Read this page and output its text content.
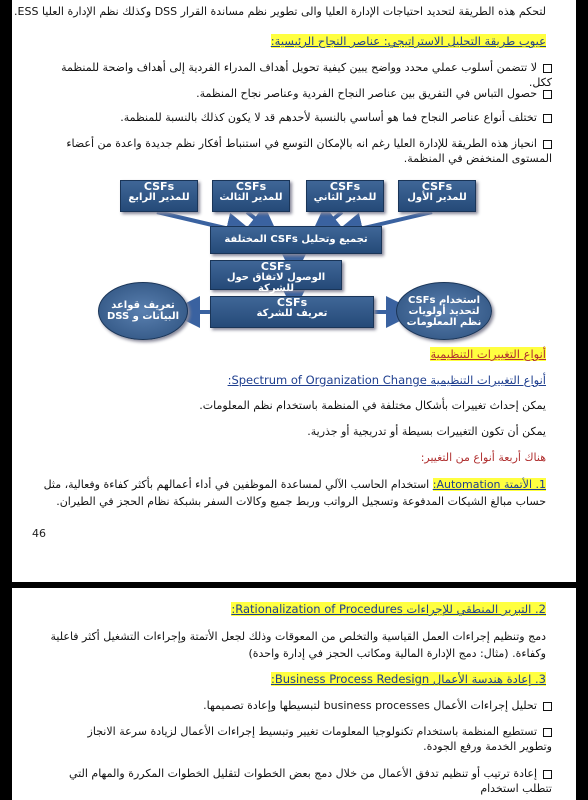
لتحكم هذه الطريقة لتحديد احتياجات الإدارة العليا والى تطوير نظم مساندة القرار DSS وكذلك نظم الإدارة العليا ESS.
عيوب طريقة التحليل الاستراتيجي: عناصر النجاح الرئيسية:
لا تتضمن أسلوب عملي محدد وواضح يبين كيفية تحويل أهداف المدراء الفردية إلى أهداف واضحة للمنظمة ككل.
حصول التباس في التفريق بين عناصر النجاح الفردية وعناصر نجاح المنظمة.
تختلف أنواع عناصر النجاح فما هو أساسي بالنسبة لأحدهم قد لا يكون كذلك بالنسبة للمنظمة.
انحياز هذه الطريقة للإدارة العليا رغم انه بالإمكان التوسع في استنباط أفكار نظم جديدة واعدة من أعضاء المستوى المنخفض في المنظمة.
CSFs
للمدير الرابع
CSFs
للمدير الثالث
CSFs
للمدير الثاني
CSFs
للمدير الأول
تجميع وتحليل CSFs المختلفة
CSFs
الوصول لاتفاق حول للشركة
CSFs
تعريف للشركة
تعريف قواعد البيانات و DSS
استخدام CSFs لتحديد أولويات نظم المعلومات
أنواع التغييرات التنظيمية
أنواع التغييرات التنظيمية Spectrum of Organization Change:
يمكن إحداث تغييرات بأشكال مختلفة في المنظمة باستخدام نظم المعلومات.
يمكن أن تكون التغييرات بسيطة أو تدريجية أو جذرية.
هناك أربعة أنواع من التغيير:
1. الأتمتة Automation: استخدام الحاسب الآلي لمساعدة الموظفين في أداء أعمالهم بأكثر كفاءة وفعالية، مثل حساب مبالغ الشيكات المدفوعة وتسجيل الرواتب وربط جميع وكالات السفر بشبكة نظام الحجز في الطيران.
46
2. التبرير المنطقي للإجراءات Rationalization of Procedures:
دمج وتنظيم إجراءات العمل القياسية والتخلص من المعوقات وذلك لجعل الأتمتة وإجراءات التشغيل أكثر فاعلية وكفاءة. (مثال: دمج الإدارة المالية ومكاتب الحجز في إدارة واحدة)
3. إعادة هندسة الأعمال Business Process Redesign:
تحليل إجراءات الأعمال business processes لتبسيطها وإعادة تصميمها.
تستطيع المنظمة باستخدام تكنولوجيا المعلومات تغيير وتبسيط إجراءات الأعمال لزيادة سرعة الانجاز وتطوير الخدمة ورفع الجودة.
إعادة ترتيب أو تنظيم تدفق الأعمال من خلال دمج بعض الخطوات لتقليل الخطوات المكررة والمهام التي تتطلب استخدام
